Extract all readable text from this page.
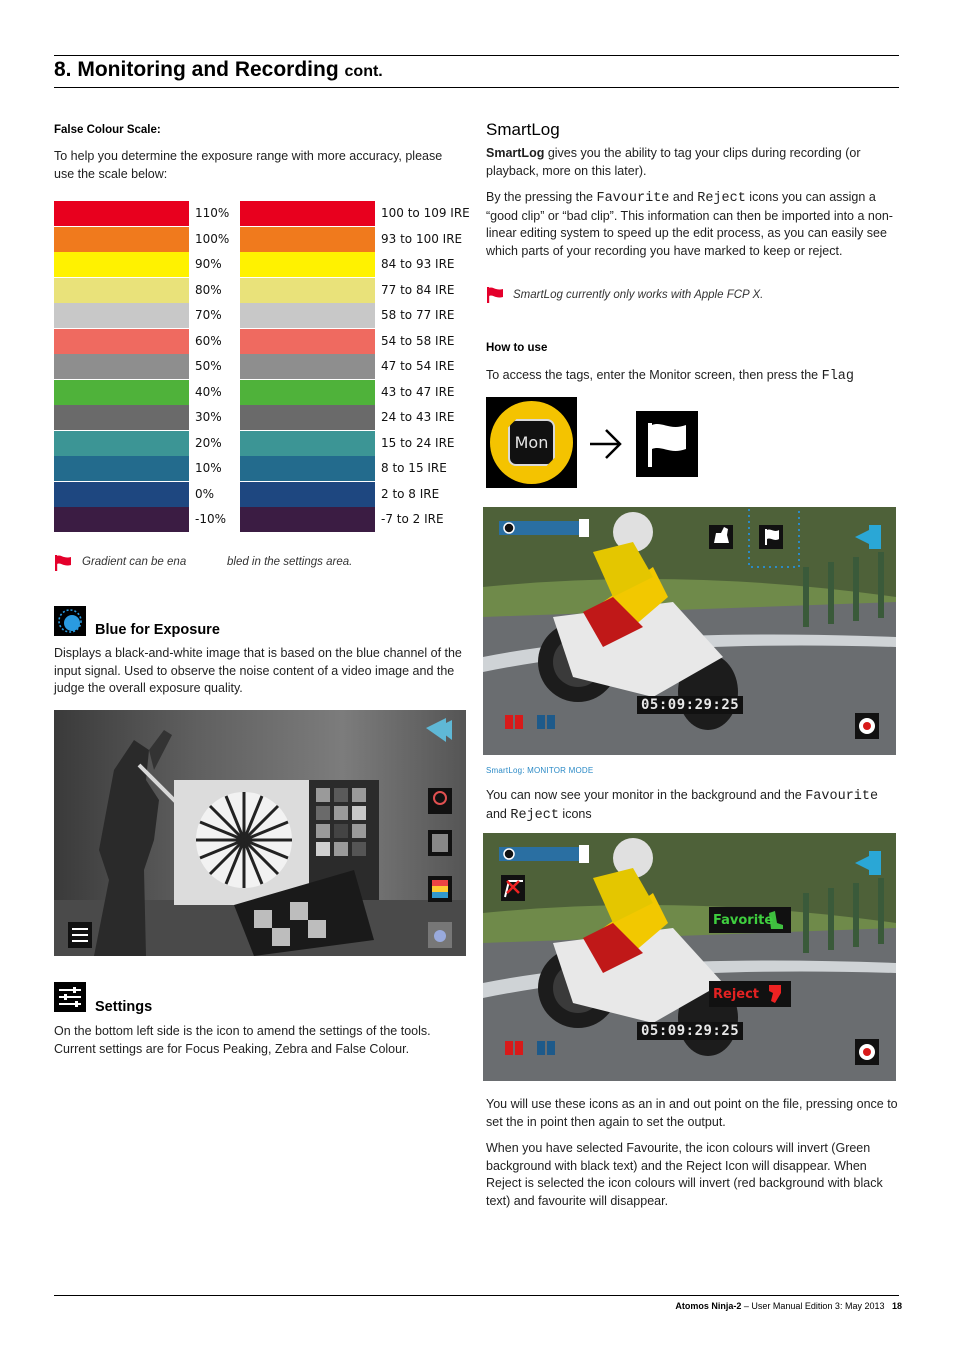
8. Monitoring and Recording cont.
False Colour Scale:
To help you determine the exposure range with more accuracy, please use the scale below:
110%	100 to 109 IRE
100%	93 to 100 IRE
90%	84 to 93 IRE
80%	77 to 84 IRE
70%	58 to 77 IRE
60%	54 to 58 IRE
50%	47 to 54 IRE
40%	43 to 47 IRE
30%	24 to 43 IRE
20%	15 to 24 IRE
10%	8 to 15 IRE
0%	2 to 8 IRE
-10%	-7 to 2 IRE
Gradient can be ena	bled in the settings area.
Blue for Exposure
Displays a black-and-white image that is based on the blue channel of the input signal. Used to observe the noise content of a video image and the judge the overall exposure quality.
Settings
On the bottom left side is the icon to amend the settings of the tools. Current settings are for Focus Peaking, Zebra and False Colour.
SmartLog
SmartLog gives you the ability to tag your clips during recording (or playback, more on this later).
By the pressing the Favourite and Reject icons you can assign a “good clip” or “bad clip”. This information can then be imported into a non-linear editing system to speed up the edit process, as you can easily see which parts of your recording you have marked to keep or reject.
SmartLog currently only works with Apple FCP X.
How to use
To access the tags, enter the Monitor screen, then press the Flag
Mon
05:09:29:25
SmartLog: MONITOR MODE
You can now see your monitor in the background and the Favourite and Reject icons
Favorite
Reject
05:09:29:25
You will use these icons as an in and out point on the file, pressing once to set the in point then again to set the output.
When you have selected Favourite, the icon colours will invert (Green background with black text) and the Reject Icon will disappear. When Reject is selected the icon colours will invert (red background with black text) and favourite will disappear.
Atomos Ninja-2 – User Manual Edition 3: May 2013 18
